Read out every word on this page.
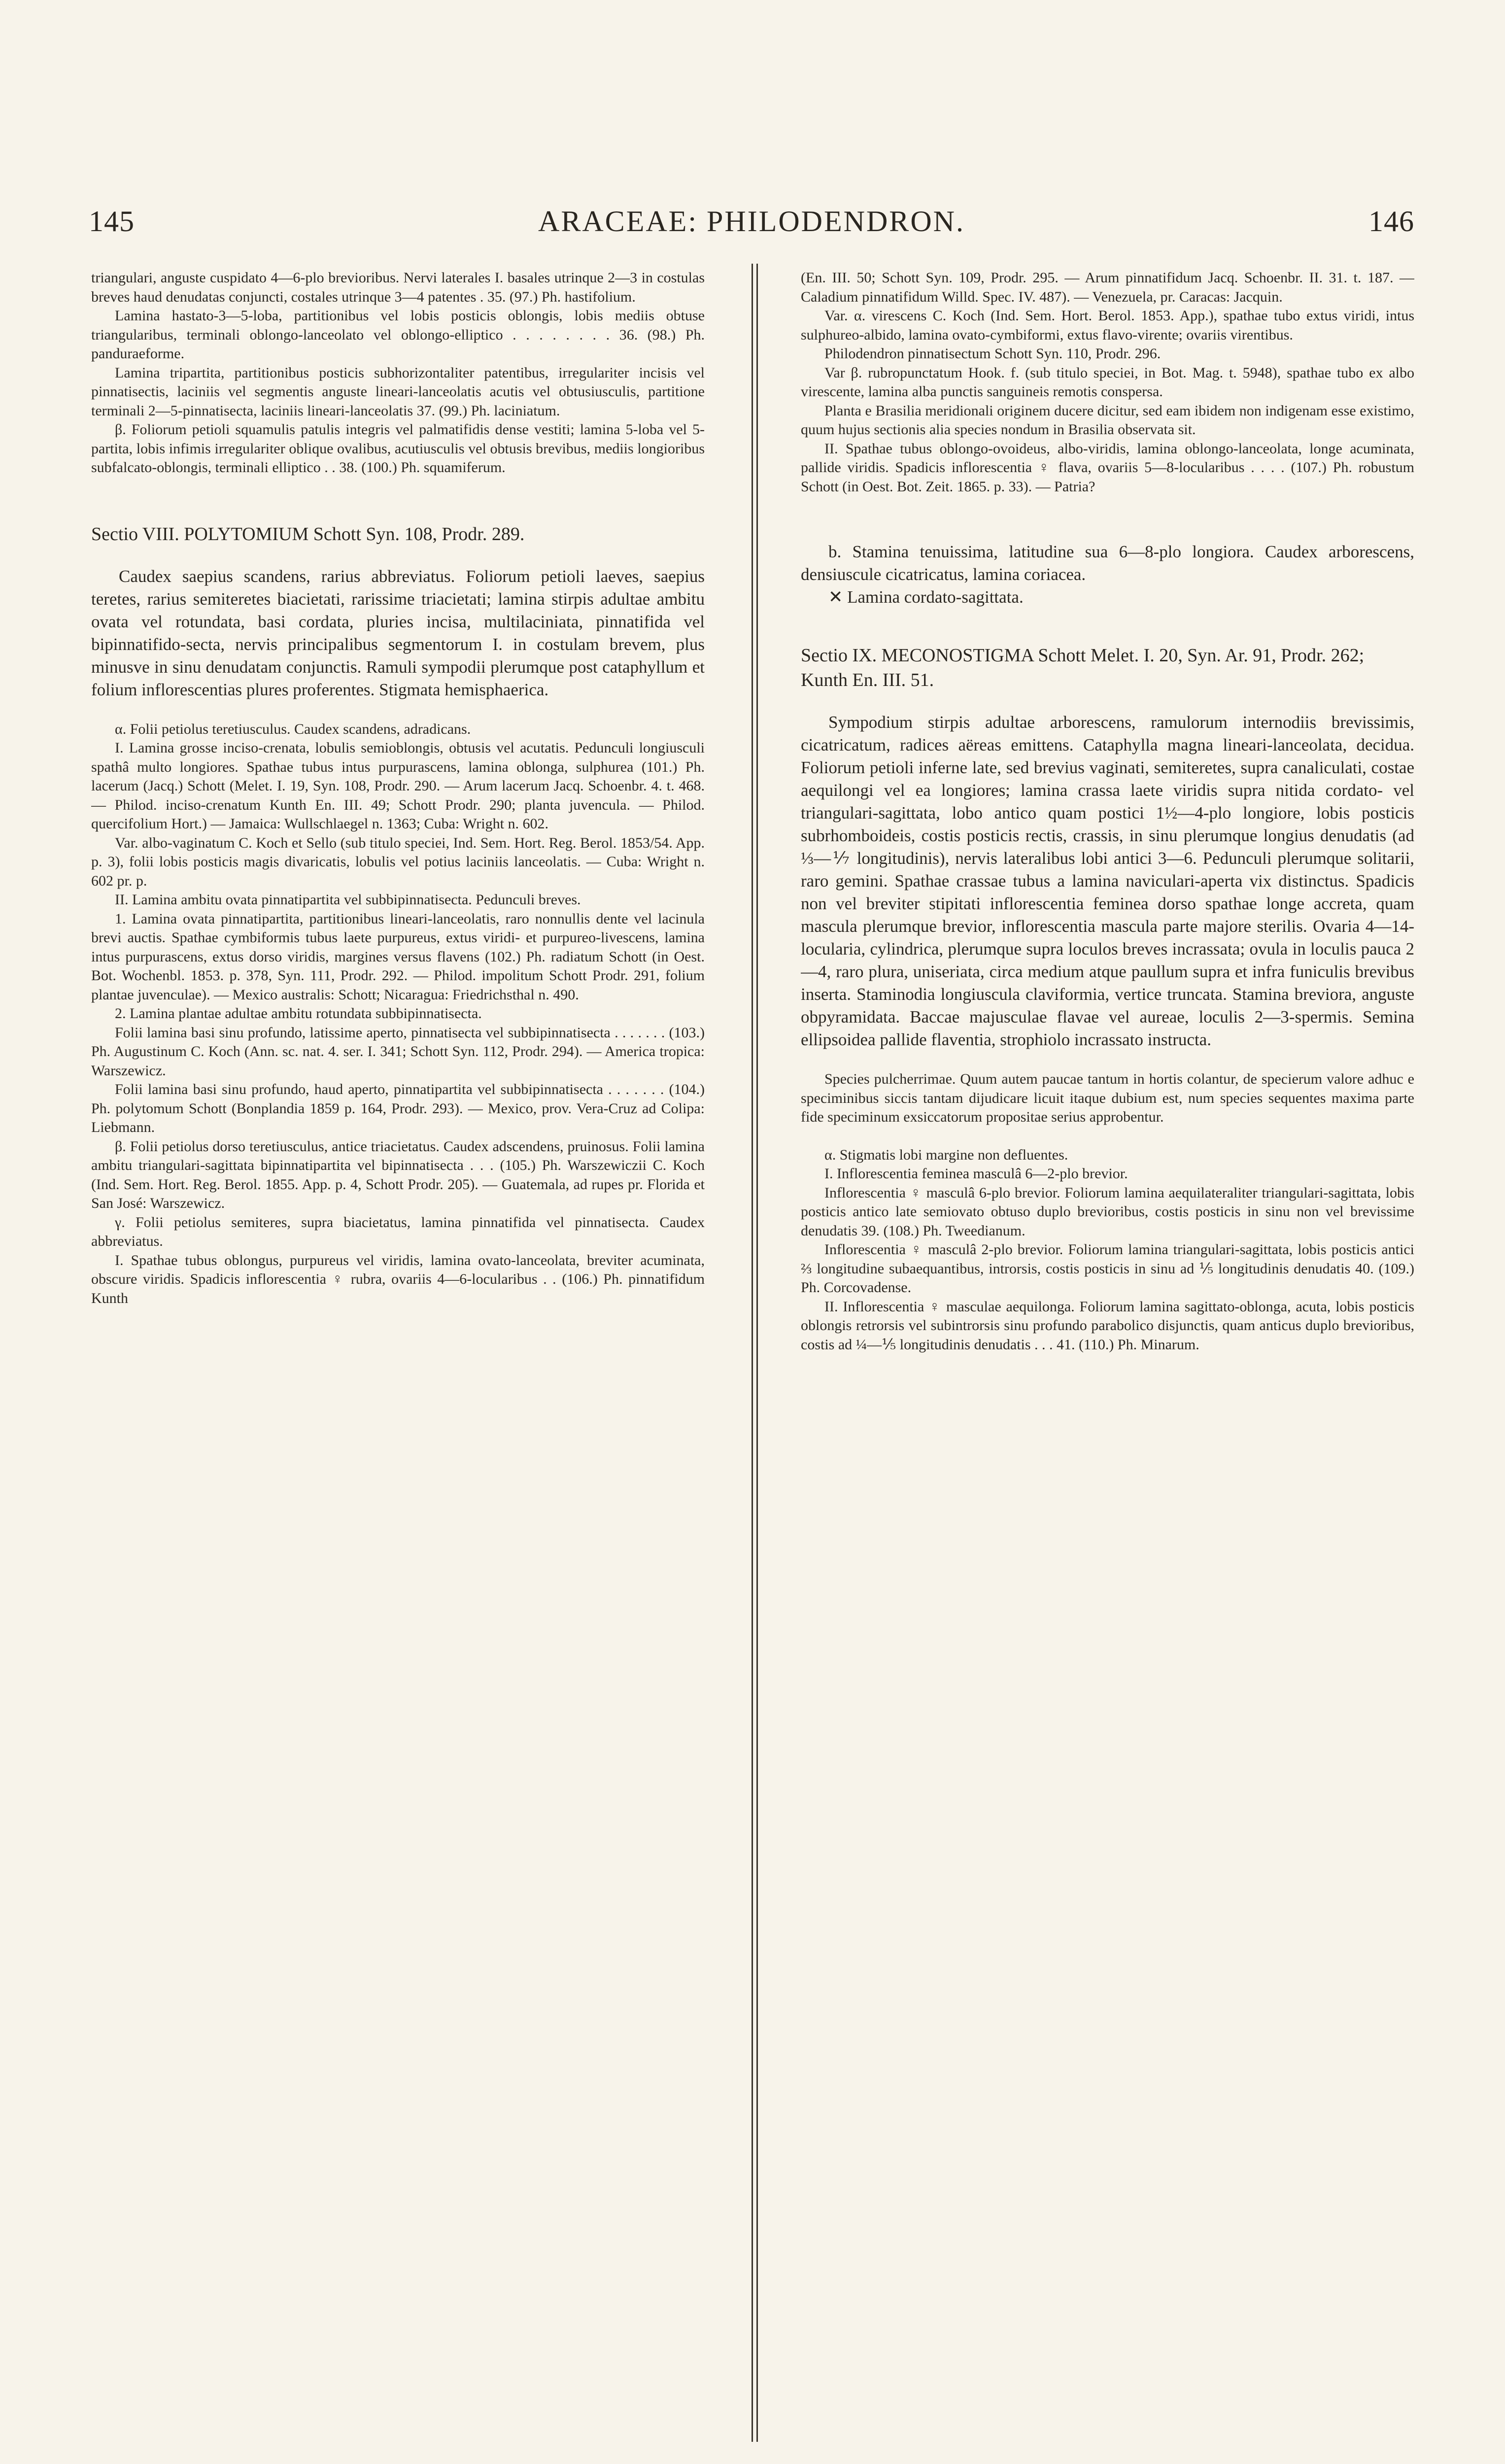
145	ARACEAE: PHILODENDRON.	146

triangulari, anguste cuspidato 4—6-plo brevioribus. Nervi laterales I. basales utrinque 2—3 in costulas breves haud denudatas conjuncti, costales utrinque 3—4 patentes . 35. (97.) Ph. hastifolium.

Lamina hastato-3—5-loba, partitionibus vel lobis posticis oblongis, lobis mediis obtuse triangularibus, terminali oblongo-lanceolato vel oblongo-elliptico . . . . . . . . 36. (98.) Ph. panduraeforme.

Lamina tripartita, partitionibus posticis subhorizontaliter patentibus, irregulariter incisis vel pinnatisectis, laciniis vel segmentis anguste lineari-lanceolatis acutis vel obtusiusculis, partitione terminali 2—5-pinnatisecta, laciniis lineari-lanceolatis 37. (99.) Ph. laciniatum.

β. Foliorum petioli squamulis patulis integris vel palmatifidis dense vestiti; lamina 5-loba vel 5-partita, lobis infimis irregulariter oblique ovalibus, acutiusculis vel obtusis brevibus, mediis longioribus subfalcato-oblongis, terminali elliptico . . 38. (100.) Ph. squamiferum.

Sectio VIII. POLYTOMIUM Schott Syn. 108, Prodr. 289.

Caudex saepius scandens, rarius abbreviatus. Foliorum petioli laeves, saepius teretes, rarius semiteretes biacietati, rarissime triacietati; lamina stirpis adultae ambitu ovata vel rotundata, basi cordata, pluries incisa, multilaciniata, pinnatifida vel bipinnatifido-secta, nervis principalibus segmentorum I. in costulam brevem, plus minusve in sinu denudatam conjunctis. Ramuli sympodii plerumque post cataphyllum et folium inflorescentias plures proferentes. Stigmata hemisphaerica.

α. Folii petiolus teretiusculus. Caudex scandens, adradicans.

I. Lamina grosse inciso-crenata, lobulis semioblongis, obtusis vel acutatis. Pedunculi longiusculi spathâ multo longiores. Spathae tubus intus purpurascens, lamina oblonga, sulphurea (101.) Ph. lacerum (Jacq.) Schott (Melet. I. 19, Syn. 108, Prodr. 290. — Arum lacerum Jacq. Schoenbr. 4. t. 468. — Philod. inciso-crenatum Kunth En. III. 49; Schott Prodr. 290; planta juvencula. — Philod. quercifolium Hort.) — Jamaica: Wullschlaegel n. 1363; Cuba: Wright n. 602.

Var. albo-vaginatum C. Koch et Sello (sub titulo speciei, Ind. Sem. Hort. Reg. Berol. 1853/54. App. p. 3), folii lobis posticis magis divaricatis, lobulis vel potius laciniis lanceolatis. — Cuba: Wright n. 602 pr. p.

II. Lamina ambitu ovata pinnatipartita vel subbipinnatisecta. Pedunculi breves.

1. Lamina ovata pinnatipartita, partitionibus lineari-lanceolatis, raro nonnullis dente vel lacinula brevi auctis. Spathae cymbiformis tubus laete purpureus, extus viridi- et purpureo-livescens, lamina intus purpurascens, extus dorso viridis, margines versus flavens (102.) Ph. radiatum Schott (in Oest. Bot. Wochenbl. 1853. p. 378, Syn. 111, Prodr. 292. — Philod. impolitum Schott Prodr. 291, folium plantae juvenculae). — Mexico australis: Schott; Nicaragua: Friedrichsthal n. 490.

2. Lamina plantae adultae ambitu rotundata subbipinnatisecta.

Folii lamina basi sinu profundo, latissime aperto, pinnatisecta vel subbipinnatisecta . . . . . . . (103.) Ph. Augustinum C. Koch (Ann. sc. nat. 4. ser. I. 341; Schott Syn. 112, Prodr. 294). — America tropica: Warszewicz.

Folii lamina basi sinu profundo, haud aperto, pinnatipartita vel subbipinnatisecta . . . . . . . (104.) Ph. polytomum Schott (Bonplandia 1859 p. 164, Prodr. 293). — Mexico, prov. Vera-Cruz ad Colipa: Liebmann.

β. Folii petiolus dorso teretiusculus, antice triacietatus. Caudex adscendens, pruinosus. Folii lamina ambitu triangulari-sagittata bipinnatipartita vel bipinnatisecta . . . (105.) Ph. Warszewiczii C. Koch (Ind. Sem. Hort. Reg. Berol. 1855. App. p. 4, Schott Prodr. 205). — Guatemala, ad rupes pr. Florida et San José: Warszewicz.

γ. Folii petiolus semiteres, supra biacietatus, lamina pinnatifida vel pinnatisecta. Caudex abbreviatus.

I. Spathae tubus oblongus, purpureus vel viridis, lamina ovato-lanceolata, breviter acuminata, obscure viridis. Spadicis inflorescentia ♀ rubra, ovariis 4—6-locularibus . . (106.) Ph. pinnatifidum Kunth

(En. III. 50; Schott Syn. 109, Prodr. 295. — Arum pinnatifidum Jacq. Schoenbr. II. 31. t. 187. — Caladium pinnatifidum Willd. Spec. IV. 487). — Venezuela, pr. Caracas: Jacquin.

Var. α. virescens C. Koch (Ind. Sem. Hort. Berol. 1853. App.), spathae tubo extus viridi, intus sulphureo-albido, lamina ovato-cymbiformi, extus flavo-virente; ovariis virentibus.

Philodendron pinnatisectum Schott Syn. 110, Prodr. 296.

Var β. rubropunctatum Hook. f. (sub titulo speciei, in Bot. Mag. t. 5948), spathae tubo ex albo virescente, lamina alba punctis sanguineis remotis conspersa.

Planta e Brasilia meridionali originem ducere dicitur, sed eam ibidem non indigenam esse existimo, quum hujus sectionis alia species nondum in Brasilia observata sit.

II. Spathae tubus oblongo-ovoideus, albo-viridis, lamina oblongo-lanceolata, longe acuminata, pallide viridis. Spadicis inflorescentia ♀ flava, ovariis 5—8-locularibus . . . . (107.) Ph. robustum Schott (in Oest. Bot. Zeit. 1865. p. 33). — Patria?

b. Stamina tenuissima, latitudine sua 6—8-plo longiora. Caudex arborescens, densiuscule cicatricatus, lamina coriacea.

✕ Lamina cordato-sagittata.

Sectio IX. MECONOSTIGMA Schott Melet. I. 20, Syn. Ar. 91, Prodr. 262; Kunth En. III. 51.

Sympodium stirpis adultae arborescens, ramulorum internodiis brevissimis, cicatricatum, radices aëreas emittens. Cataphylla magna lineari-lanceolata, decidua. Foliorum petioli inferne late, sed brevius vaginati, semiteretes, supra canaliculati, costae aequilongi vel ea longiores; lamina crassa laete viridis supra nitida cordato- vel triangulari-sagittata, lobo antico quam postici 1½—4-plo longiore, lobis posticis subrhomboideis, costis posticis rectis, crassis, in sinu plerumque longius denudatis (ad ⅓—⅐ longitudinis), nervis lateralibus lobi antici 3—6. Pedunculi plerumque solitarii, raro gemini. Spathae crassae tubus a lamina naviculari-aperta vix distinctus. Spadicis non vel breviter stipitati inflorescentia feminea dorso spathae longe accreta, quam mascula plerumque brevior, inflorescentia mascula parte majore sterilis. Ovaria 4—14-locularia, cylindrica, plerumque supra loculos breves incrassata; ovula in loculis pauca 2—4, raro plura, uniseriata, circa medium atque paullum supra et infra funiculis brevibus inserta. Staminodia longiuscula claviformia, vertice truncata. Stamina breviora, anguste obpyramidata. Baccae majusculae flavae vel aureae, loculis 2—3-spermis. Semina ellipsoidea pallide flaventia, strophiolo incrassato instructa.

Species pulcherrimae. Quum autem paucae tantum in hortis colantur, de specierum valore adhuc e speciminibus siccis tantam dijudicare licuit itaque dubium est, num species sequentes maxima parte fide speciminum exsiccatorum propositae serius approbentur.

α. Stigmatis lobi margine non defluentes.

I. Inflorescentia feminea masculâ 6—2-plo brevior.

Inflorescentia ♀ masculâ 6-plo brevior. Foliorum lamina aequilateraliter triangulari-sagittata, lobis posticis antico late semiovato obtuso duplo brevioribus, costis posticis in sinu non vel brevissime denudatis 39. (108.) Ph. Tweedianum.

Inflorescentia ♀ masculâ 2-plo brevior. Foliorum lamina triangulari-sagittata, lobis posticis antici ⅔ longitudine subaequantibus, introrsis, costis posticis in sinu ad ⅕ longitudinis denudatis 40. (109.) Ph. Corcovadense.

II. Inflorescentia ♀ masculae aequilonga. Foliorum lamina sagittato-oblonga, acuta, lobis posticis oblongis retrorsis vel subintrorsis sinu profundo parabolico disjunctis, quam anticus duplo brevioribus, costis ad ¼—⅕ longitudinis denudatis . . . 41. (110.) Ph. Minarum.
